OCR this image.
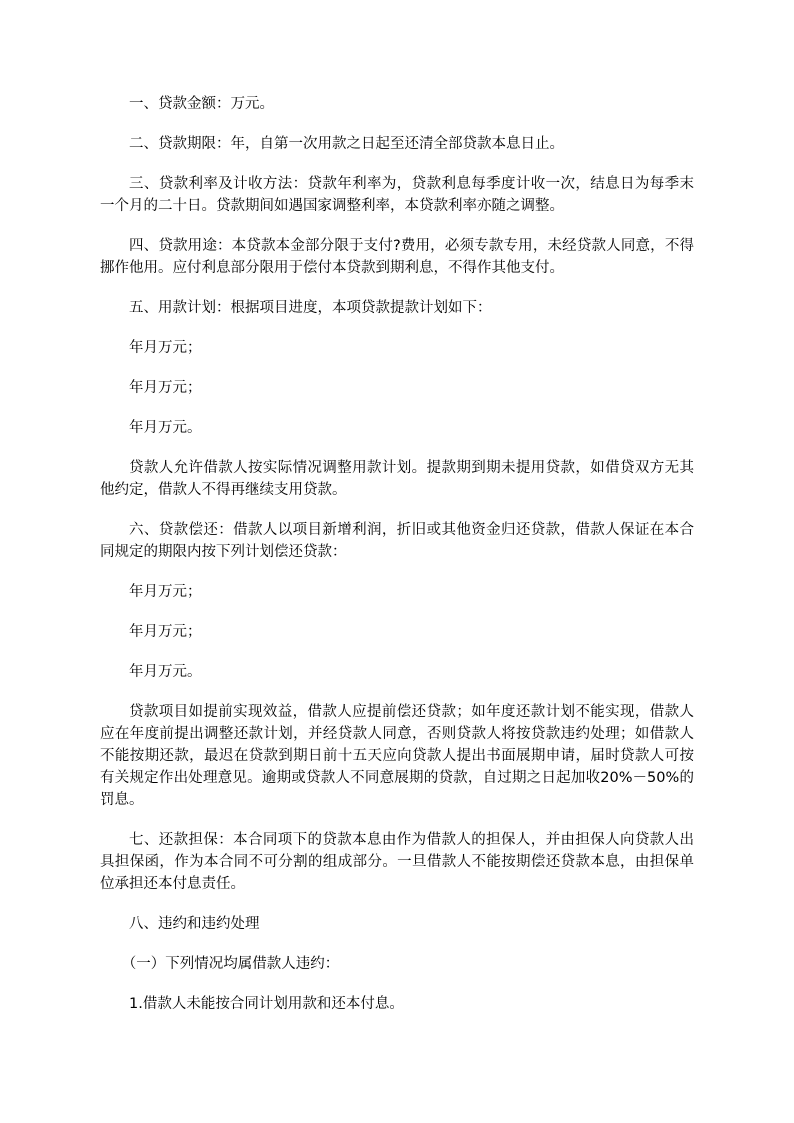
一、贷款金额：万元。

二、贷款期限：年，自第一次用款之日起至还清全部贷款本息日止。

三、贷款利率及计收方法：贷款年利率为，贷款利息每季度计收一次，结息日为每季末一个月的二十日。贷款期间如遇国家调整利率，本贷款利率亦随之调整。

四、贷款用途：本贷款本金部分限于支付?费用，必须专款专用，未经贷款人同意，不得挪作他用。应付利息部分限用于偿付本贷款到期利息，不得作其他支付。

五、用款计划：根据项目进度，本项贷款提款计划如下：

年月万元；

年月万元；

年月万元。

贷款人允许借款人按实际情况调整用款计划。提款期到期未提用贷款，如借贷双方无其他约定，借款人不得再继续支用贷款。

六、贷款偿还：借款人以项目新增利润，折旧或其他资金归还贷款，借款人保证在本合同规定的期限内按下列计划偿还贷款：

年月万元；

年月万元；

年月万元。

贷款项目如提前实现效益，借款人应提前偿还贷款；如年度还款计划不能实现，借款人应在年度前提出调整还款计划，并经贷款人同意，否则贷款人将按贷款违约处理；如借款人不能按期还款，最迟在贷款到期日前十五天应向贷款人提出书面展期申请，届时贷款人可按有关规定作出处理意见。逾期或贷款人不同意展期的贷款，自过期之日起加收20%－50%的罚息。

七、还款担保：本合同项下的贷款本息由作为借款人的担保人，并由担保人向贷款人出具担保函，作为本合同不可分割的组成部分。一旦借款人不能按期偿还贷款本息，由担保单位承担还本付息责任。

八、违约和违约处理

（一）下列情况均属借款人违约：

1.借款人未能按合同计划用款和还本付息。
